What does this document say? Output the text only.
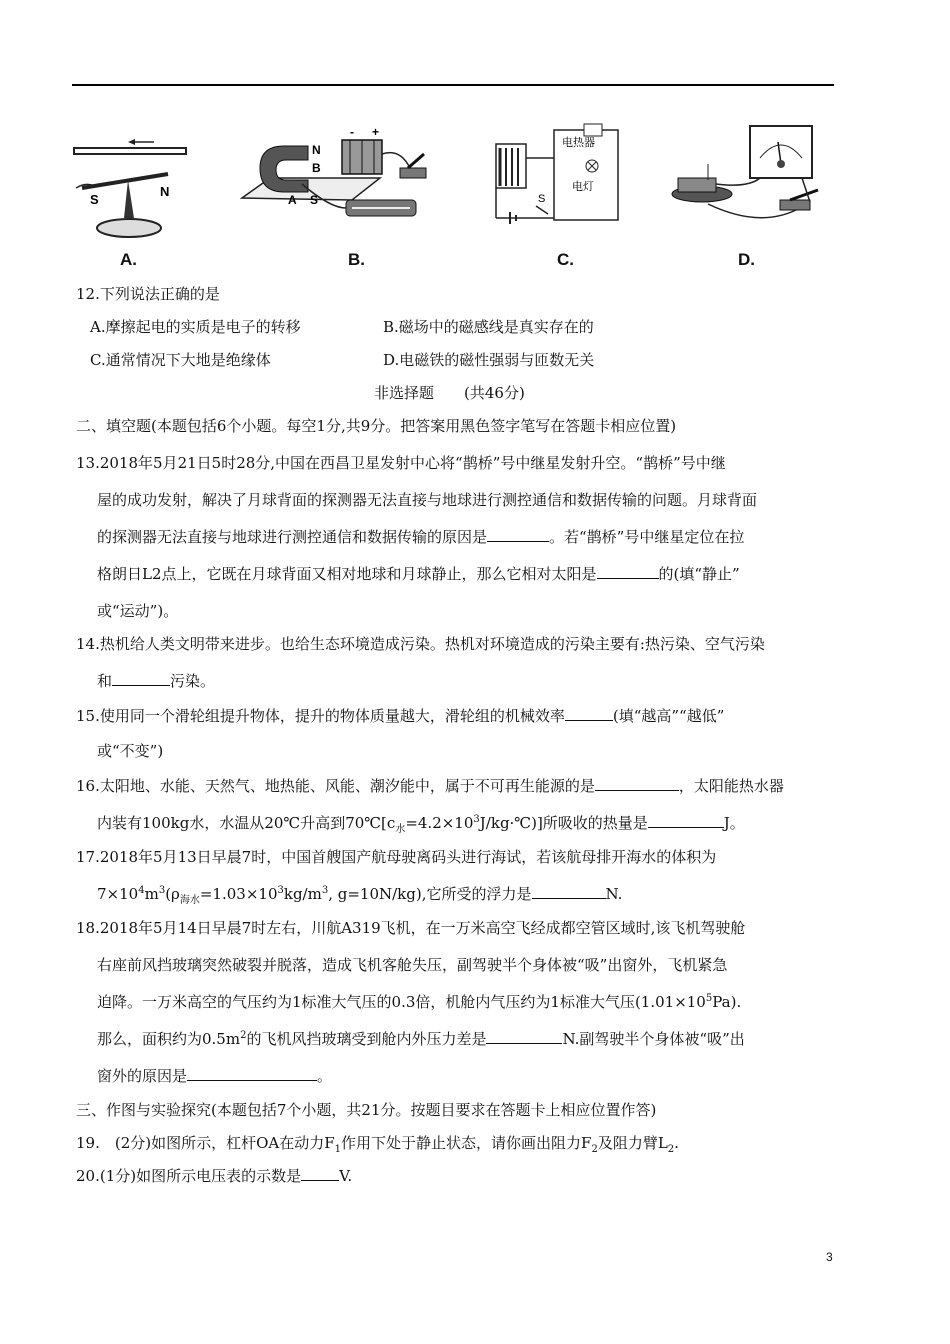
S
N
A.
N
B
A S
+
-
B.
电热器
电灯
S
C.	D.
12.下列说法正确的是
A.摩擦起电的实质是电子的转移	B.磁场中的磁感线是真实存在的
C.通常情况下大地是绝缘体	D.电磁铁的磁性强弱与匝数无关
非选择题　　(共46分)
二、填空题(本题包括6个小题。每空1分,共9分。把答案用黑色签字笔写在答题卡相应位置)
13.2018年5月21日5时28分,中国在西昌卫星发射中心将“鹊桥”号中继星发射升空。“鹊桥”号中继
屋的成功发射，解决了月球背面的探测器无法直接与地球进行测控通信和数据传输的问题。月球背面
的探测器无法直接与地球进行测控通信和数据传输的原因是	。若“鹊桥”号中继星定位在拉
格朗日L2点上，它既在月球背面又相对地球和月球静止，那么它相对太阳是	的(填“静止”
或“运动”)。
14.热机给人类文明带来进步。也给生态环境造成污染。热机对环境造成的污染主要有:热污染、空气污染
和	污染。
15.使用同一个滑轮组提升物体，提升的物体质量越大，滑轮组的机械效率	(填“越高”“越低”
或“不变”)
16.太阳地、水能、天然气、地热能、风能、潮汐能中，属于不可再生能源的是	，太阳能热水器
内装有100kg水，水温从20℃升高到$70℃[c_水=4.2\times 10^3J/kg\cdot℃)$]所吸收的热量是	J。
17.2018年5月13日早晨7时，中国首艘国产航母驶离码头进行海试，若该航母排开海水的体积为
$7\times 10^4m^3(\rho_{海水}=1.03\times 10^3kg/m^3$, g=10N/kg),它所受的浮力是	N.
18.2018年5月14日早晨7时左右，川航A319飞机，在一万米高空飞经成都空管区域时,该飞机驾驶舱
右座前风挡玻璃突然破裂并脱落，造成飞机客舱失压，副驾驶半个身体被“吸”出窗外，飞机紧急
迫降。一万米高空的气压约为1标准大气压的0.3倍，机舱内气压约为1标准大气压$(1.01\times 10^5Pa)$.
那么，面积约为$0.5m^2$的飞机风挡玻璃受到舱内外压力差是	N.副驾驶半个身体被“吸”出
窗外的原因是	。
三、作图与实验探究(本题包括7个小题，共21分。按题目要求在答题卡上相应位置作答)
19.　(2分)如图所示，杠杆OA在动力$F_1$作用下处于静止状态，请你画出阻力$F_2$及阻力臂$L_2$.
20.(1分)如图所示电压表的示数是	V.
3
